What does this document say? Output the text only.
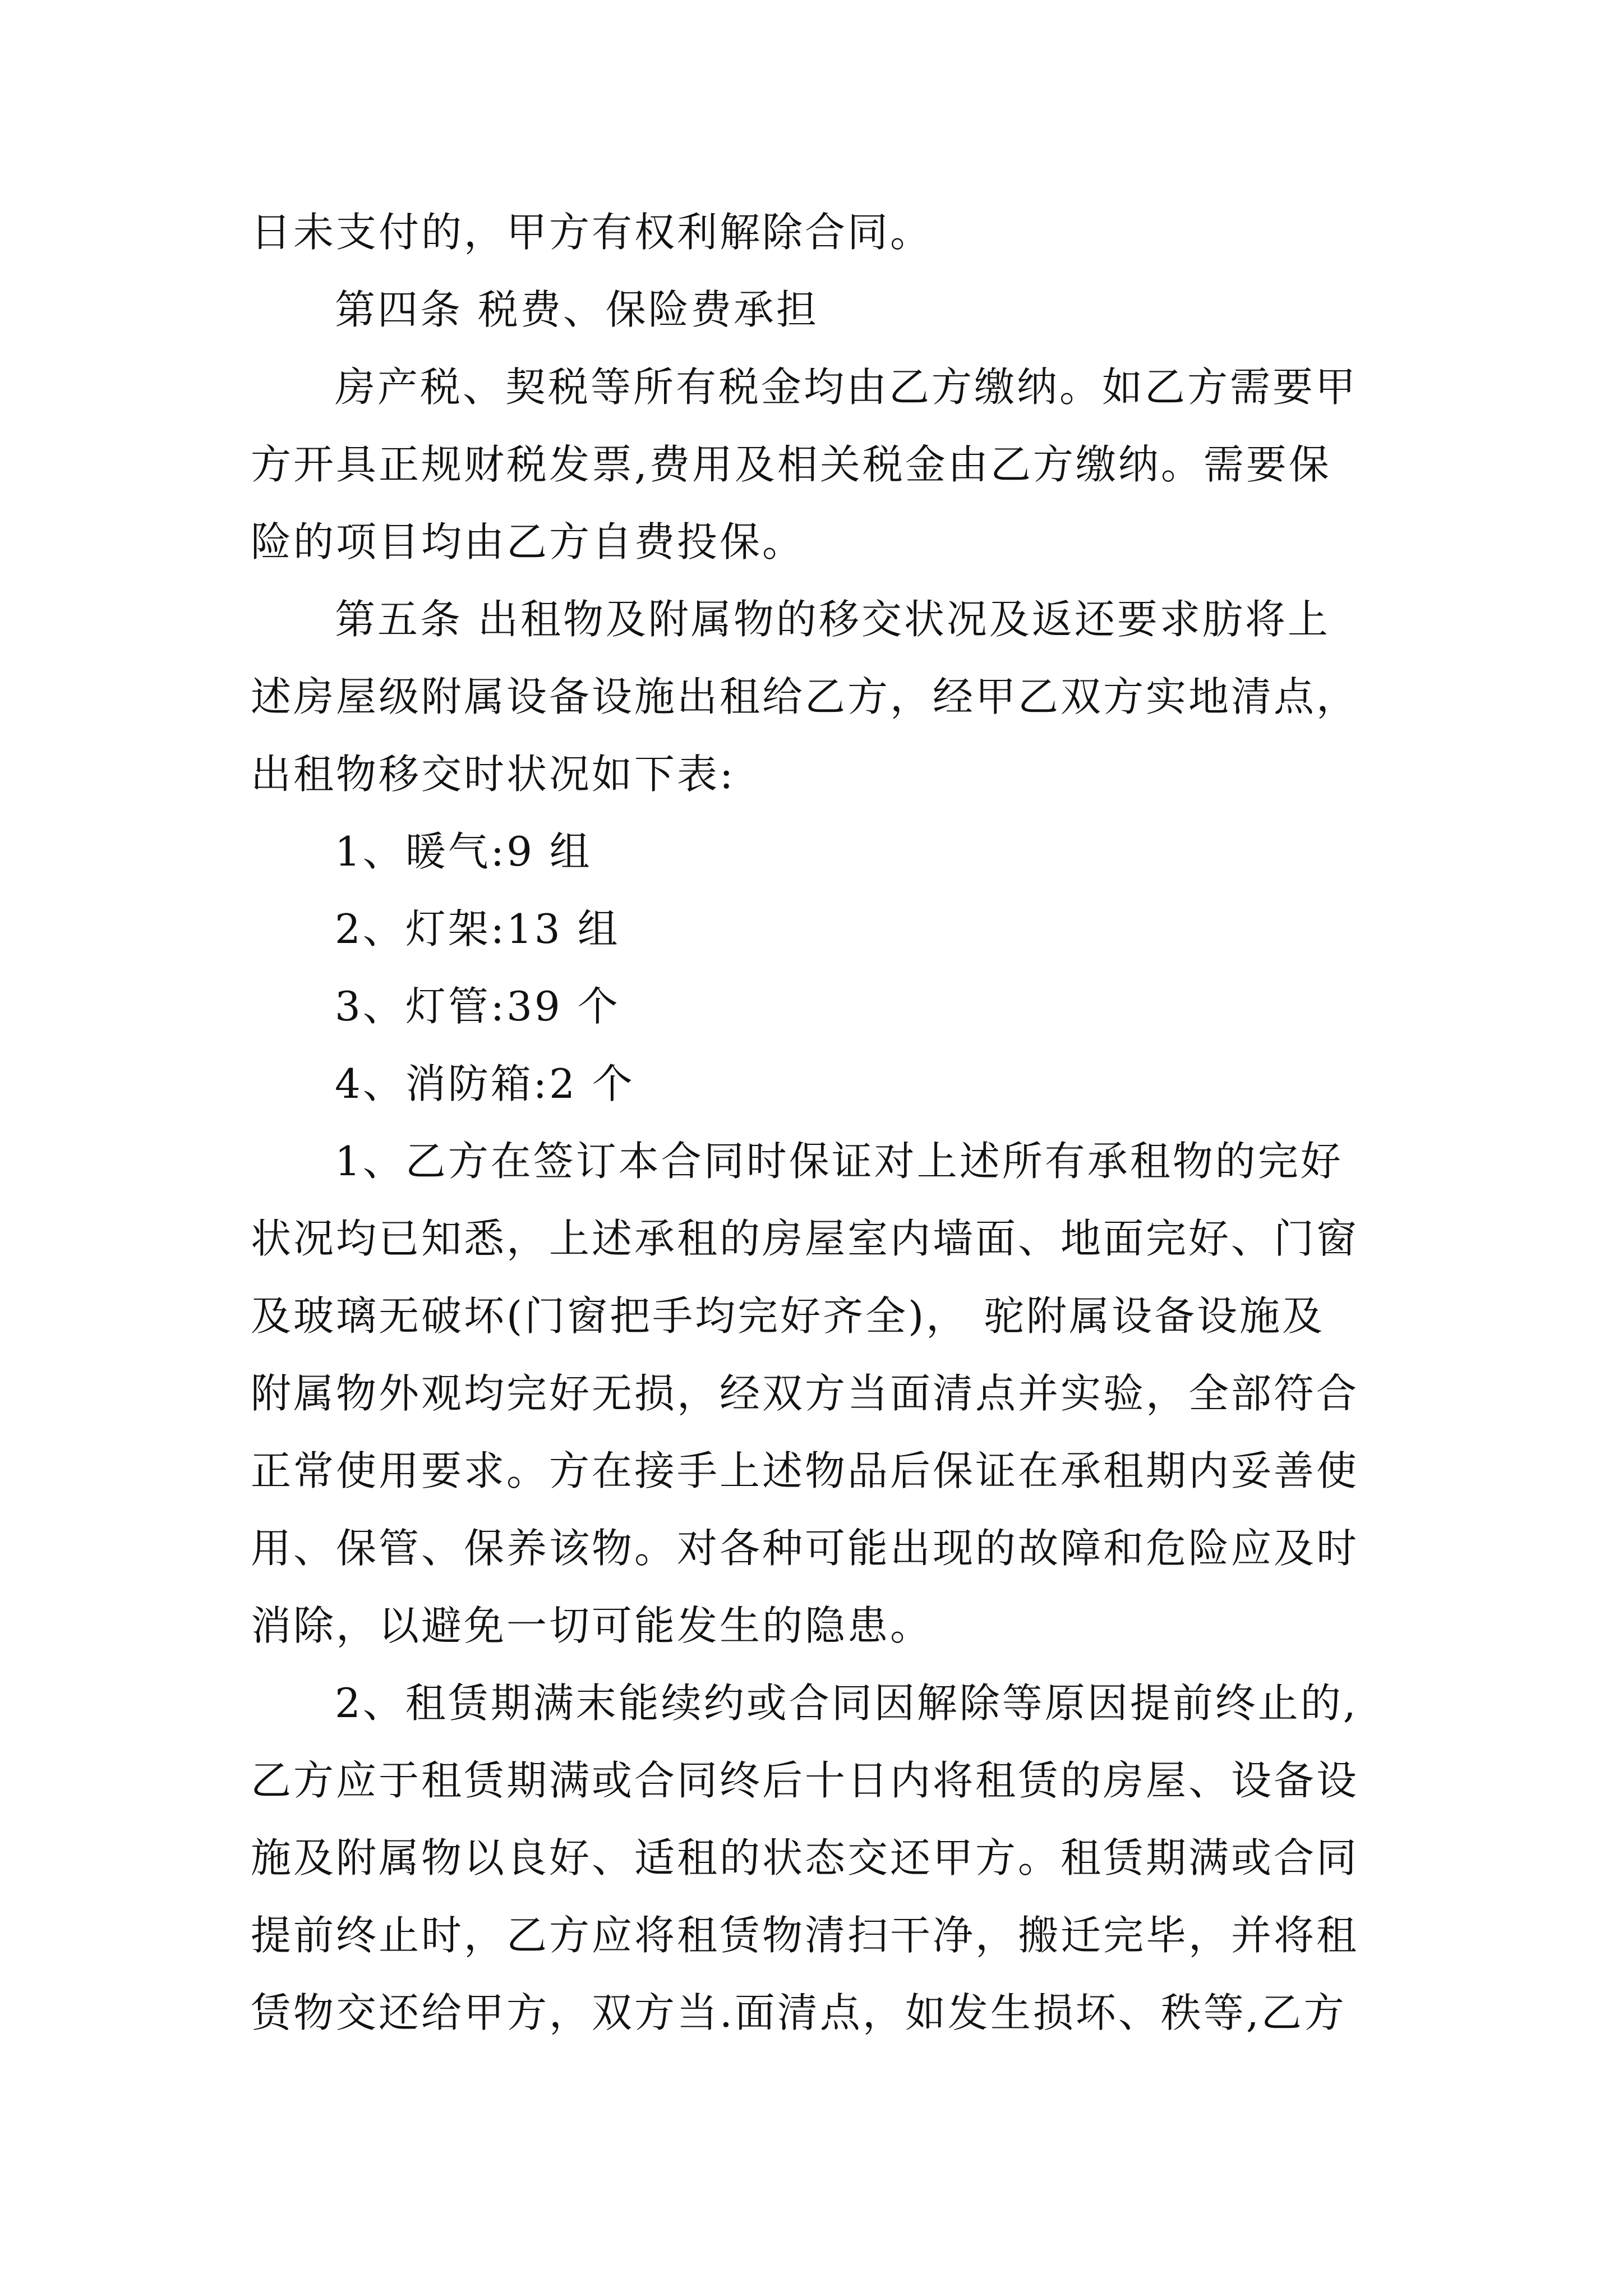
日未支付的，甲方有权利解除合同。

第四条 税费、保险费承担

房产税、契税等所有税金均由乙方缴纳。如乙方需要甲

方开具正规财税发票,费用及相关税金由乙方缴纳。需要保

险的项目均由乙方自费投保。

第五条 出租物及附属物的移交状况及返还要求肪将上

述房屋级附属设备设施出租给乙方，经甲乙双方实地清点，

出租物移交时状况如下表:

1、暖气:9 组

2、灯架:13 组

3、灯管:39 个

4、消防箱:2 个

1、乙方在签订本合同时保证对上述所有承租物的完好

状况均已知悉，上述承租的房屋室内墙面、地面完好、门窗

及玻璃无破坏(门窗把手均完好齐全)， 驼附属设备设施及

附属物外观均完好无损，经双方当面清点并实验，全部符合

正常使用要求。方在接手上述物品后保证在承租期内妥善使

用、保管、保养该物。对各种可能出现的故障和危险应及时

消除，以避免一切可能发生的隐患。

2、租赁期满末能续约或合同因解除等原因提前终止的,

乙方应于租赁期满或合同终后十日内将租赁的房屋、设备设

施及附属物以良好、适租的状态交还甲方。租赁期满或合同

提前终止时，乙方应将租赁物清扫干净，搬迁完毕，并将租

赁物交还给甲方，双方当.面清点，如发生损坏、秩等,乙方
